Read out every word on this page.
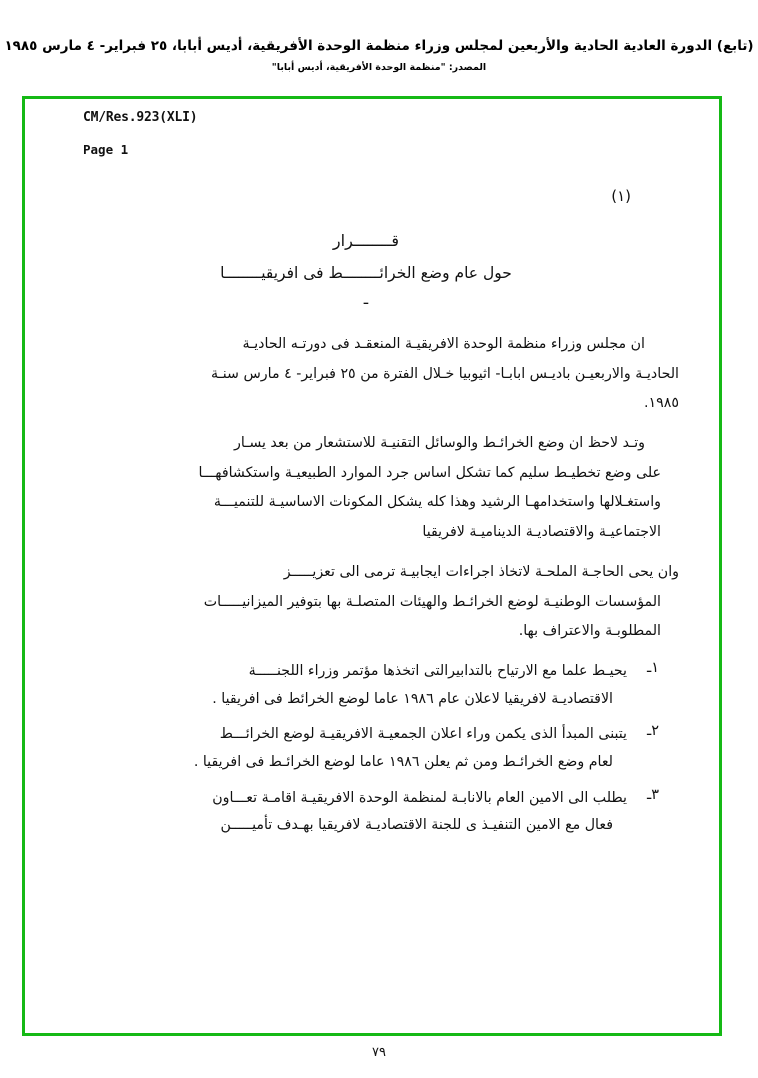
(تابع) الدورة العادية الحادية والأربعين لمجلس وزراء منظمة الوحدة الأفريقية، أديس أبابا، ٢٥ فبراير- ٤ مارس ١٩٨٥
المصدر: "منظمة الوحدة الأفريقية، أديس أبابا"
CM/Res.923(XLI)
Page 1
(١)
قــــــــرار
حول عام وضع الخرائــــــــط فى افريقيــــــــا
ـ

ان مجلس وزراء منظمة الوحدة الافريقيـة المنعقـد فى دورتـه الحاديـة

الحاديـة والاربعيـن باديـس ابابـا- اثيوبيا خـلال الفترة من ٢٥ فبراير- ٤ مارس سنـة

١٩٨٥.

وتـد لاحظ ان وضع الخرائـط والوسائل التقنيـة للاستشعار من بعد يسـار

على وضع تخطيـط سليم كما تشكل اساس جرد الموارد الطبيعيـة واستكشافهـــا

واستغـلالها واستخدامهـا الرشيد وهذا كله يشكل المكونات الاساسيـة للتنميـــة

الاجتماعيـة والاقتصاديـة الديناميـة لافريقيا

وان يحى الحاجـة الملحـة لاتخاذ اجراءات ايجابيـة ترمى الى تعزيـــــز

المؤسسات الوطنيـة لوضع الخرائـط والهيئات المتصلـة بها بتوفير الميزانيـــــات

المطلوبـة والاعتراف بها.

١ـ
يحيـط علما مع الارتياح بالتدابيرالتى اتخذها مؤتمر وزراء اللجنـــــة
الاقتصاديـة لافريقيا لاعلان عام ١٩٨٦ عاما لوضع الخرائط فى افريقيا .
٢ـ
يتبنى المبدأ الذى يكمن وراء اعلان الجمعيـة الافريقيـة لوضع الخرائـــط
لعام وضع الخرائـط ومن ثم يعلن ١٩٨٦ عاما لوضع الخرائـط فى افريقيا .
٣ـ
يطلب الى الامين العام بالانابـة لمنظمة الوحدة الافريقيـة اقامـة تعـــاون
فعال مع الامين التنفيـذ ى للجنة الاقتصاديـة لافريقيا بهـدف تأميـــــن
٧٩
